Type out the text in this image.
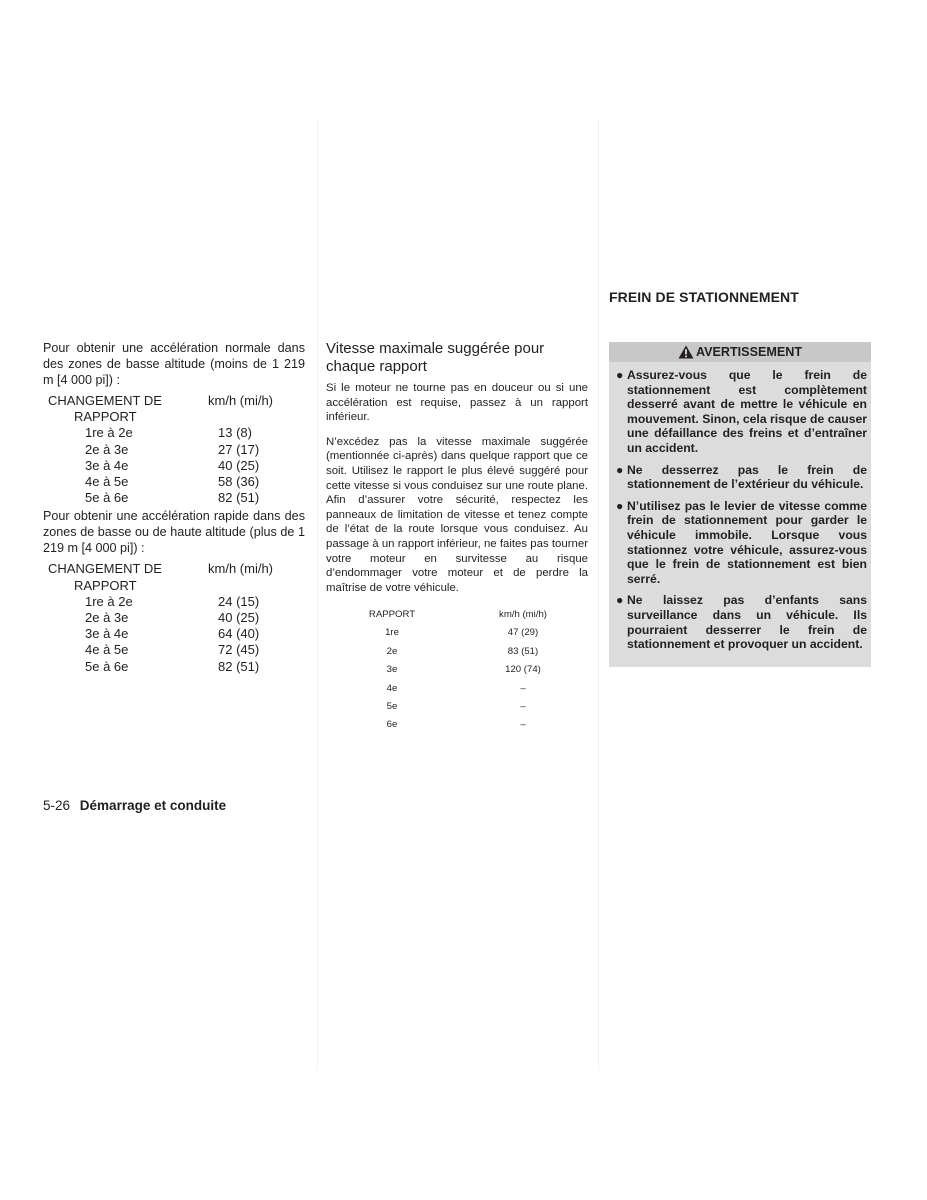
Pour obtenir une accélération normale dans des zones de basse altitude (moins de 1 219 m [4 000 pi]) :

CHANGEMENT DE	km/h (mi/h)
RAPPORT
1re à 2e	13 (8)
2e à 3e	27 (17)
3e à 4e	40 (25)
4e à 5e	58 (36)
5e à 6e	82 (51)

Pour obtenir une accélération rapide dans des zones de basse ou de haute altitude (plus de 1 219 m [4 000 pi]) :

CHANGEMENT DE	km/h (mi/h)
RAPPORT
1re à 2e	24 (15)
2e à 3e	40 (25)
3e à 4e	64 (40)
4e à 5e	72 (45)
5e à 6e	82 (51)
Vitesse maximale suggérée pour chaque rapport

Si le moteur ne tourne pas en douceur ou si une accélération est requise, passez à un rapport inférieur.

N’excédez pas la vitesse maximale suggérée (mentionnée ci-après) dans quelque rapport que ce soit. Utilisez le rapport le plus élevé suggéré pour cette vitesse si vous conduisez sur une route plane. Afin d’assurer votre sécurité, respectez les panneaux de limitation de vitesse et tenez compte de l’état de la route lorsque vous conduisez. Au passage à un rapport inférieur, ne faites pas tourner votre moteur en survitesse au risque d’endommager votre moteur et de perdre la maîtrise de votre véhicule.

RAPPORT	km/h (mi/h)
1re	47 (29)
2e	83 (51)
3e	120 (74)
4e	–
5e	–
6e	–
FREIN DE STATIONNEMENT
AVERTISSEMENT
● Assurez-vous que le frein de stationnement est complètement desserré avant de mettre le véhicule en mouvement. Sinon, cela risque de causer une défaillance des freins et d’entraîner un accident.
● Ne desserrez pas le frein de stationnement de l’extérieur du véhicule.
● N’utilisez pas le levier de vitesse comme frein de stationnement pour garder le véhicule immobile. Lorsque vous stationnez votre véhicule, assurez-vous que le frein de stationnement est bien serré.
● Ne laissez pas d’enfants sans surveillance dans un véhicule. Ils pourraient desserrer le frein de stationnement et provoquer un accident.
5-26 Démarrage et conduite
